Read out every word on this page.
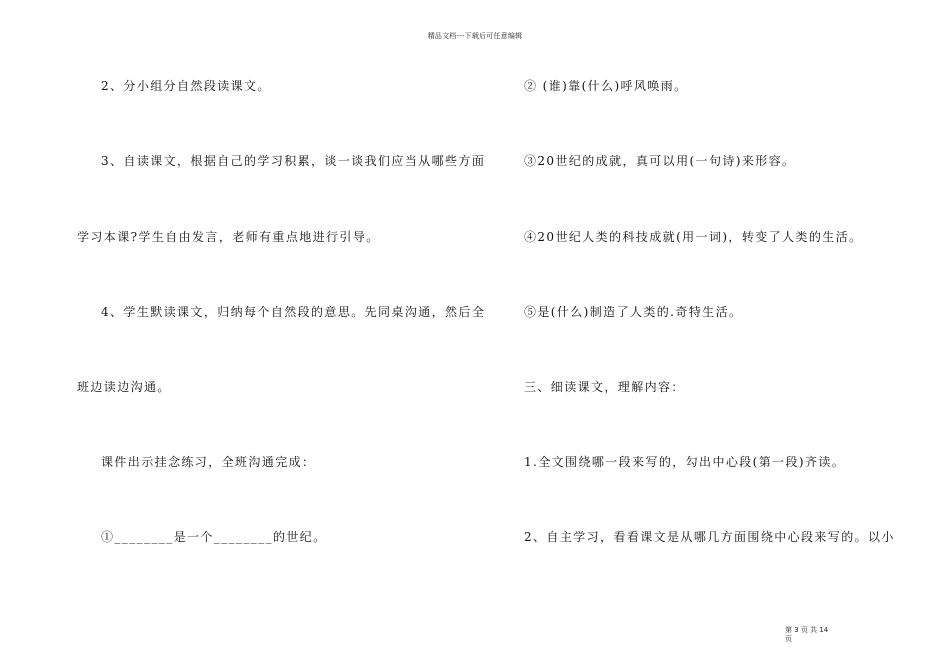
精品文档---下载后可任意编辑
2、分小组分自然段读课文。
3、自读课文，根据自己的学习积累，谈一谈我们应当从哪些方面
学习本课?学生自由发言，老师有重点地进行引导。
4、学生默读课文，归纳每个自然段的意思。先同桌沟通，然后全
班边读边沟通。
课件出示挂念练习，全班沟通完成：
①________是一个________的世纪。
② (谁)靠(什么)呼风唤雨。
③20世纪的成就，真可以用(一句诗)来形容。
④20世纪人类的科技成就(用一词)，转变了人类的生活。
⑤是(什么)制造了人类的.奇特生活。
三、细读课文，理解内容：
1.全文围绕哪一段来写的，勾出中心段(第一段)齐读。
2、自主学习，看看课文是从哪几方面围绕中心段来写的。以小
第 3 页 共 14
页
